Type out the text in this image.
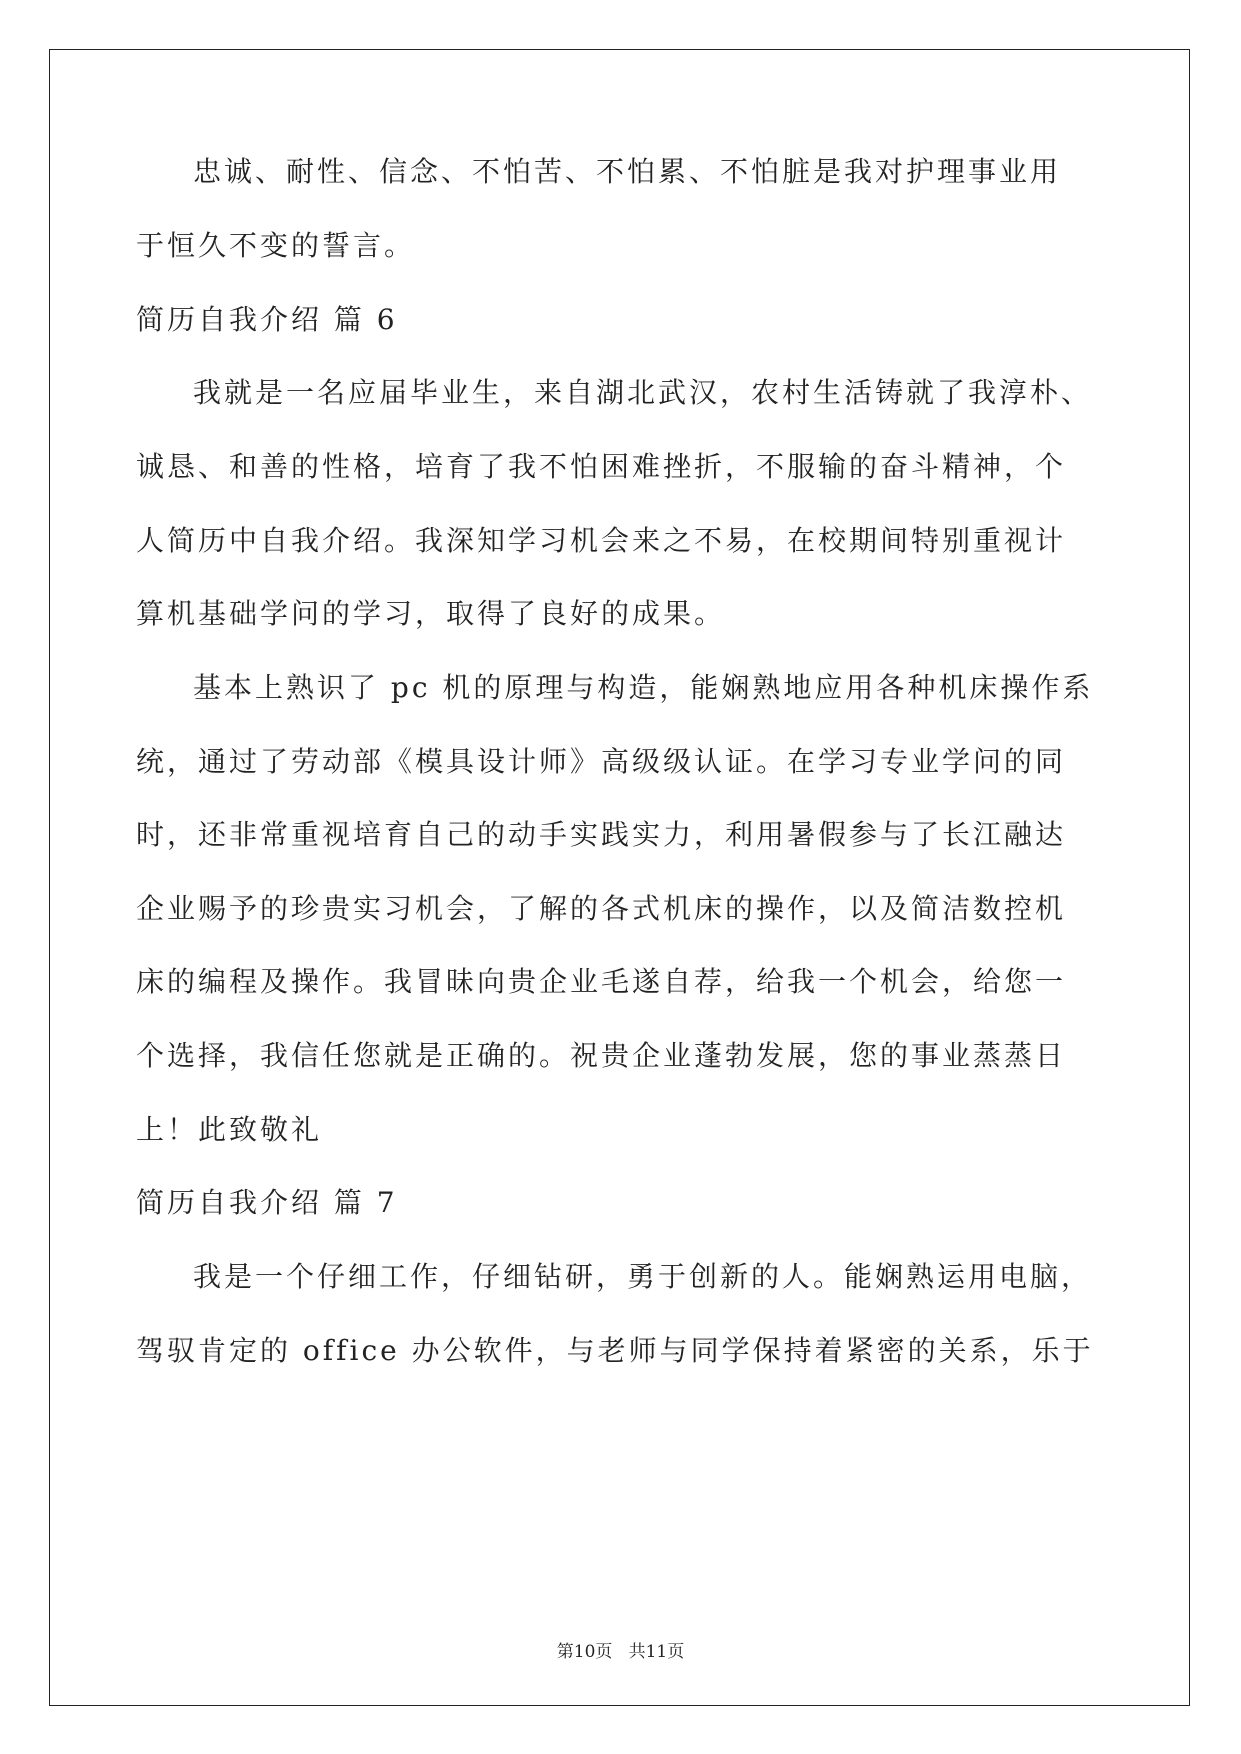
忠诚、耐性、信念、不怕苦、不怕累、不怕脏是我对护理事业用
于恒久不变的誓言。
简历自我介绍 篇 6
我就是一名应届毕业生，来自湖北武汉，农村生活铸就了我淳朴、
诚恳、和善的性格，培育了我不怕困难挫折，不服输的奋斗精神，个
人简历中自我介绍。我深知学习机会来之不易，在校期间特别重视计
算机基础学问的学习，取得了良好的成果。
基本上熟识了 pc 机的原理与构造，能娴熟地应用各种机床操作系
统，通过了劳动部《模具设计师》高级级认证。在学习专业学问的同
时，还非常重视培育自己的动手实践实力，利用暑假参与了长江融达
企业赐予的珍贵实习机会，了解的各式机床的操作，以及简洁数控机
床的编程及操作。我冒昧向贵企业毛遂自荐，给我一个机会，给您一
个选择，我信任您就是正确的。祝贵企业蓬勃发展，您的事业蒸蒸日
上！此致敬礼
简历自我介绍 篇 7
我是一个仔细工作，仔细钻研，勇于创新的人。能娴熟运用电脑，
驾驭肯定的 office 办公软件，与老师与同学保持着紧密的关系，乐于
第10页   共11页
